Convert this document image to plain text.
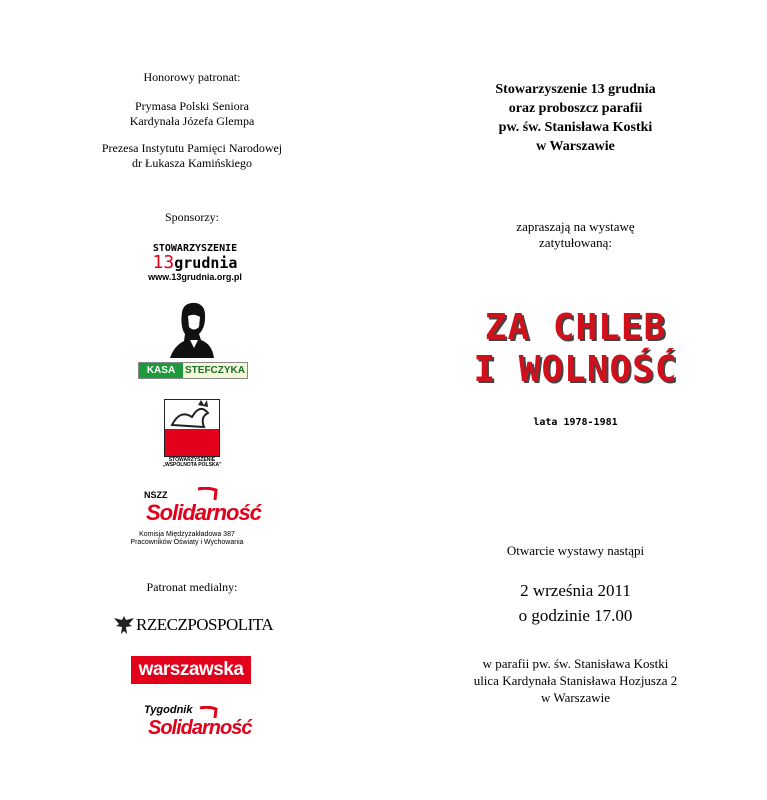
Honorowy patronat:
Prymasa Polski Seniora
Kardynała Józefa Glempa
Prezesa Instytutu Pamięci Narodowej
dr Łukasza Kamińskiego
Sponsorzy:
STOWARZYSZENIE
13grudnia
www.13grudnia.org.pl
KASA STEFCZYKA
STOWARZYSZENIE
„WSPÓLNOTA POLSKA"
NSZZ
Solidarność
Komisja Międzyzakładowa 387
Pracowników Oświaty i Wychowania
Patronat medialny:
RZECZPOSPOLITA
warszawska
Tygodnik
Solidarność
Stowarzyszenie 13 grudnia
oraz proboszcz parafii
pw. św. Stanisława Kostki
w Warszawie
zapraszają na wystawę
zatytułowaną:
ZA CHLEB
I WOLNOŚĆ
lata 1978-1981
Otwarcie wystawy nastąpi
2 września 2011
o godzinie 17.00
w parafii pw. św. Stanisława Kostki
ulica Kardynała Stanisława Hozjusza 2
w Warszawie
